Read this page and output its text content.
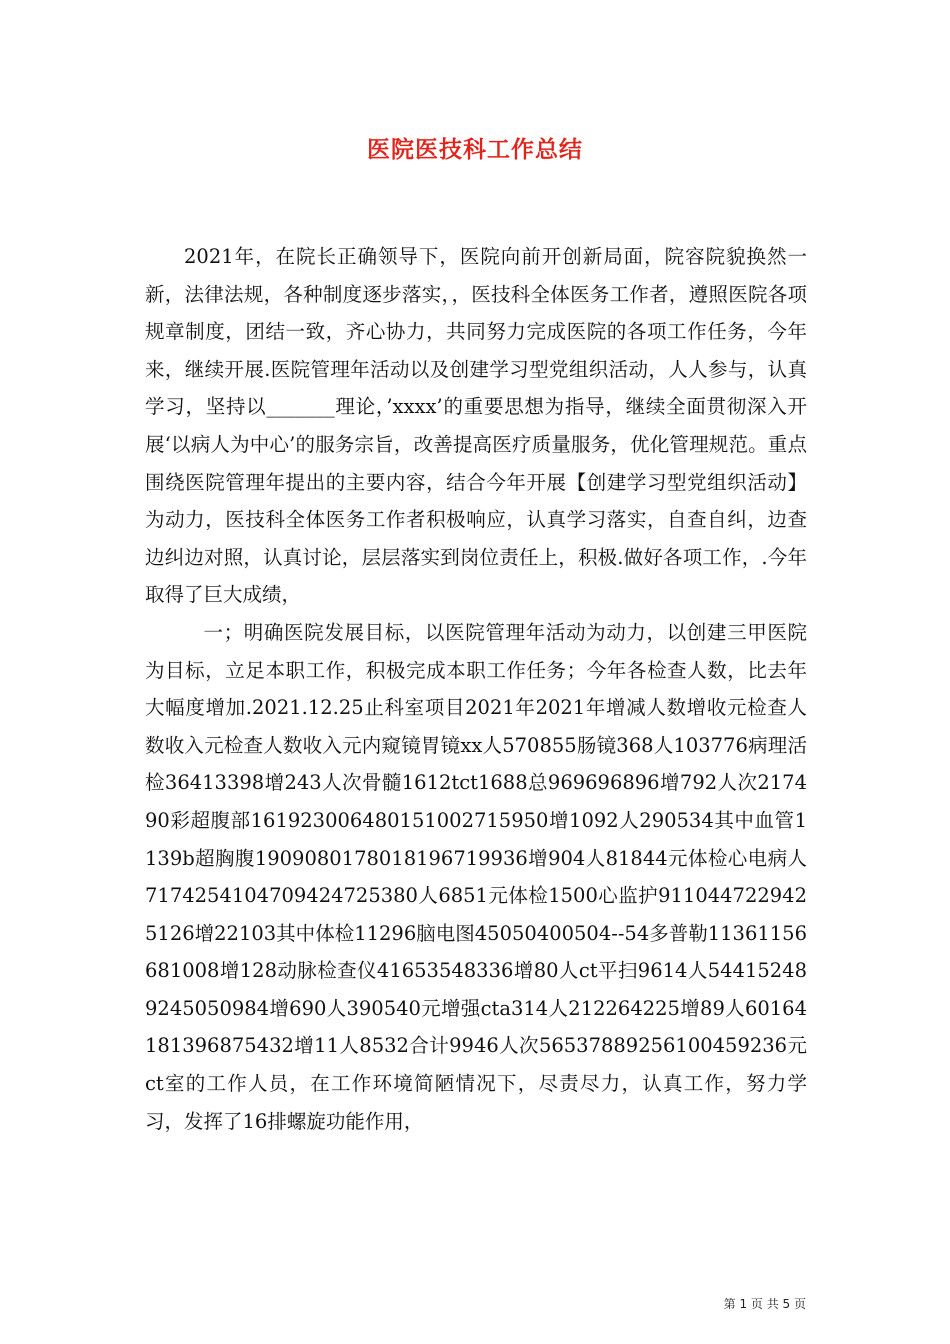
医院医技科工作总结

2021年，在院长正确领导下，医院向前开创新局面，院容院貌换然一新，法律法规，各种制度逐步落实，，医技科全体医务工作者，遵照医院各项规章制度，团结一致，齐心协力，共同努力完成医院的各项工作任务，今年来，继续开展.医院管理年活动以及创建学习型党组织活动，人人参与，认真学习，坚持以_______理论，’xxxx’的重要思想为指导，继续全面贯彻深入开展‘以病人为中心’的服务宗旨，改善提高医疗质量服务，优化管理规范。重点围绕医院管理年提出的主要内容，结合今年开展【创建学习型党组织活动】为动力，医技科全体医务工作者积极响应，认真学习落实，自查自纠，边查边纠边对照，认真讨论，层层落实到岗位责任上，积极.做好各项工作，.今年取得了巨大成绩，

一；明确医院发展目标，以医院管理年活动为动力，以创建三甲医院为目标，立足本职工作，积极完成本职工作任务；今年各检查人数，比去年大幅度增加.2021.12.25止科室项目2021年2021年增减人数增收元检查人数收入元检查人数收入元内窥镜胃镜xx人570855肠镜368人103776病理活检36413398增243人次骨髓1612tct1688总969696896增792人次217490彩超腹部161923006480151002715950增1092人290534其中血管1139b超胸腹1909080178018196719936增904人81844元体检心电病人7174254104709424725380人6851元体检1500心监护9110447229425126增22103其中体检11296脑电图45050400504--54多普勒11361156681008增128动脉检查仪41653548336增80人ct平扫9614人544152489245050984增690人390540元增强cta314人212264225增89人60164181396875432增11人8532合计9946人次56537889256100459236元ct室的工作人员，在工作环境简陋情况下，尽责尽力，认真工作，努力学习，发挥了16排螺旋功能作用，

第 1 页 共 5 页
